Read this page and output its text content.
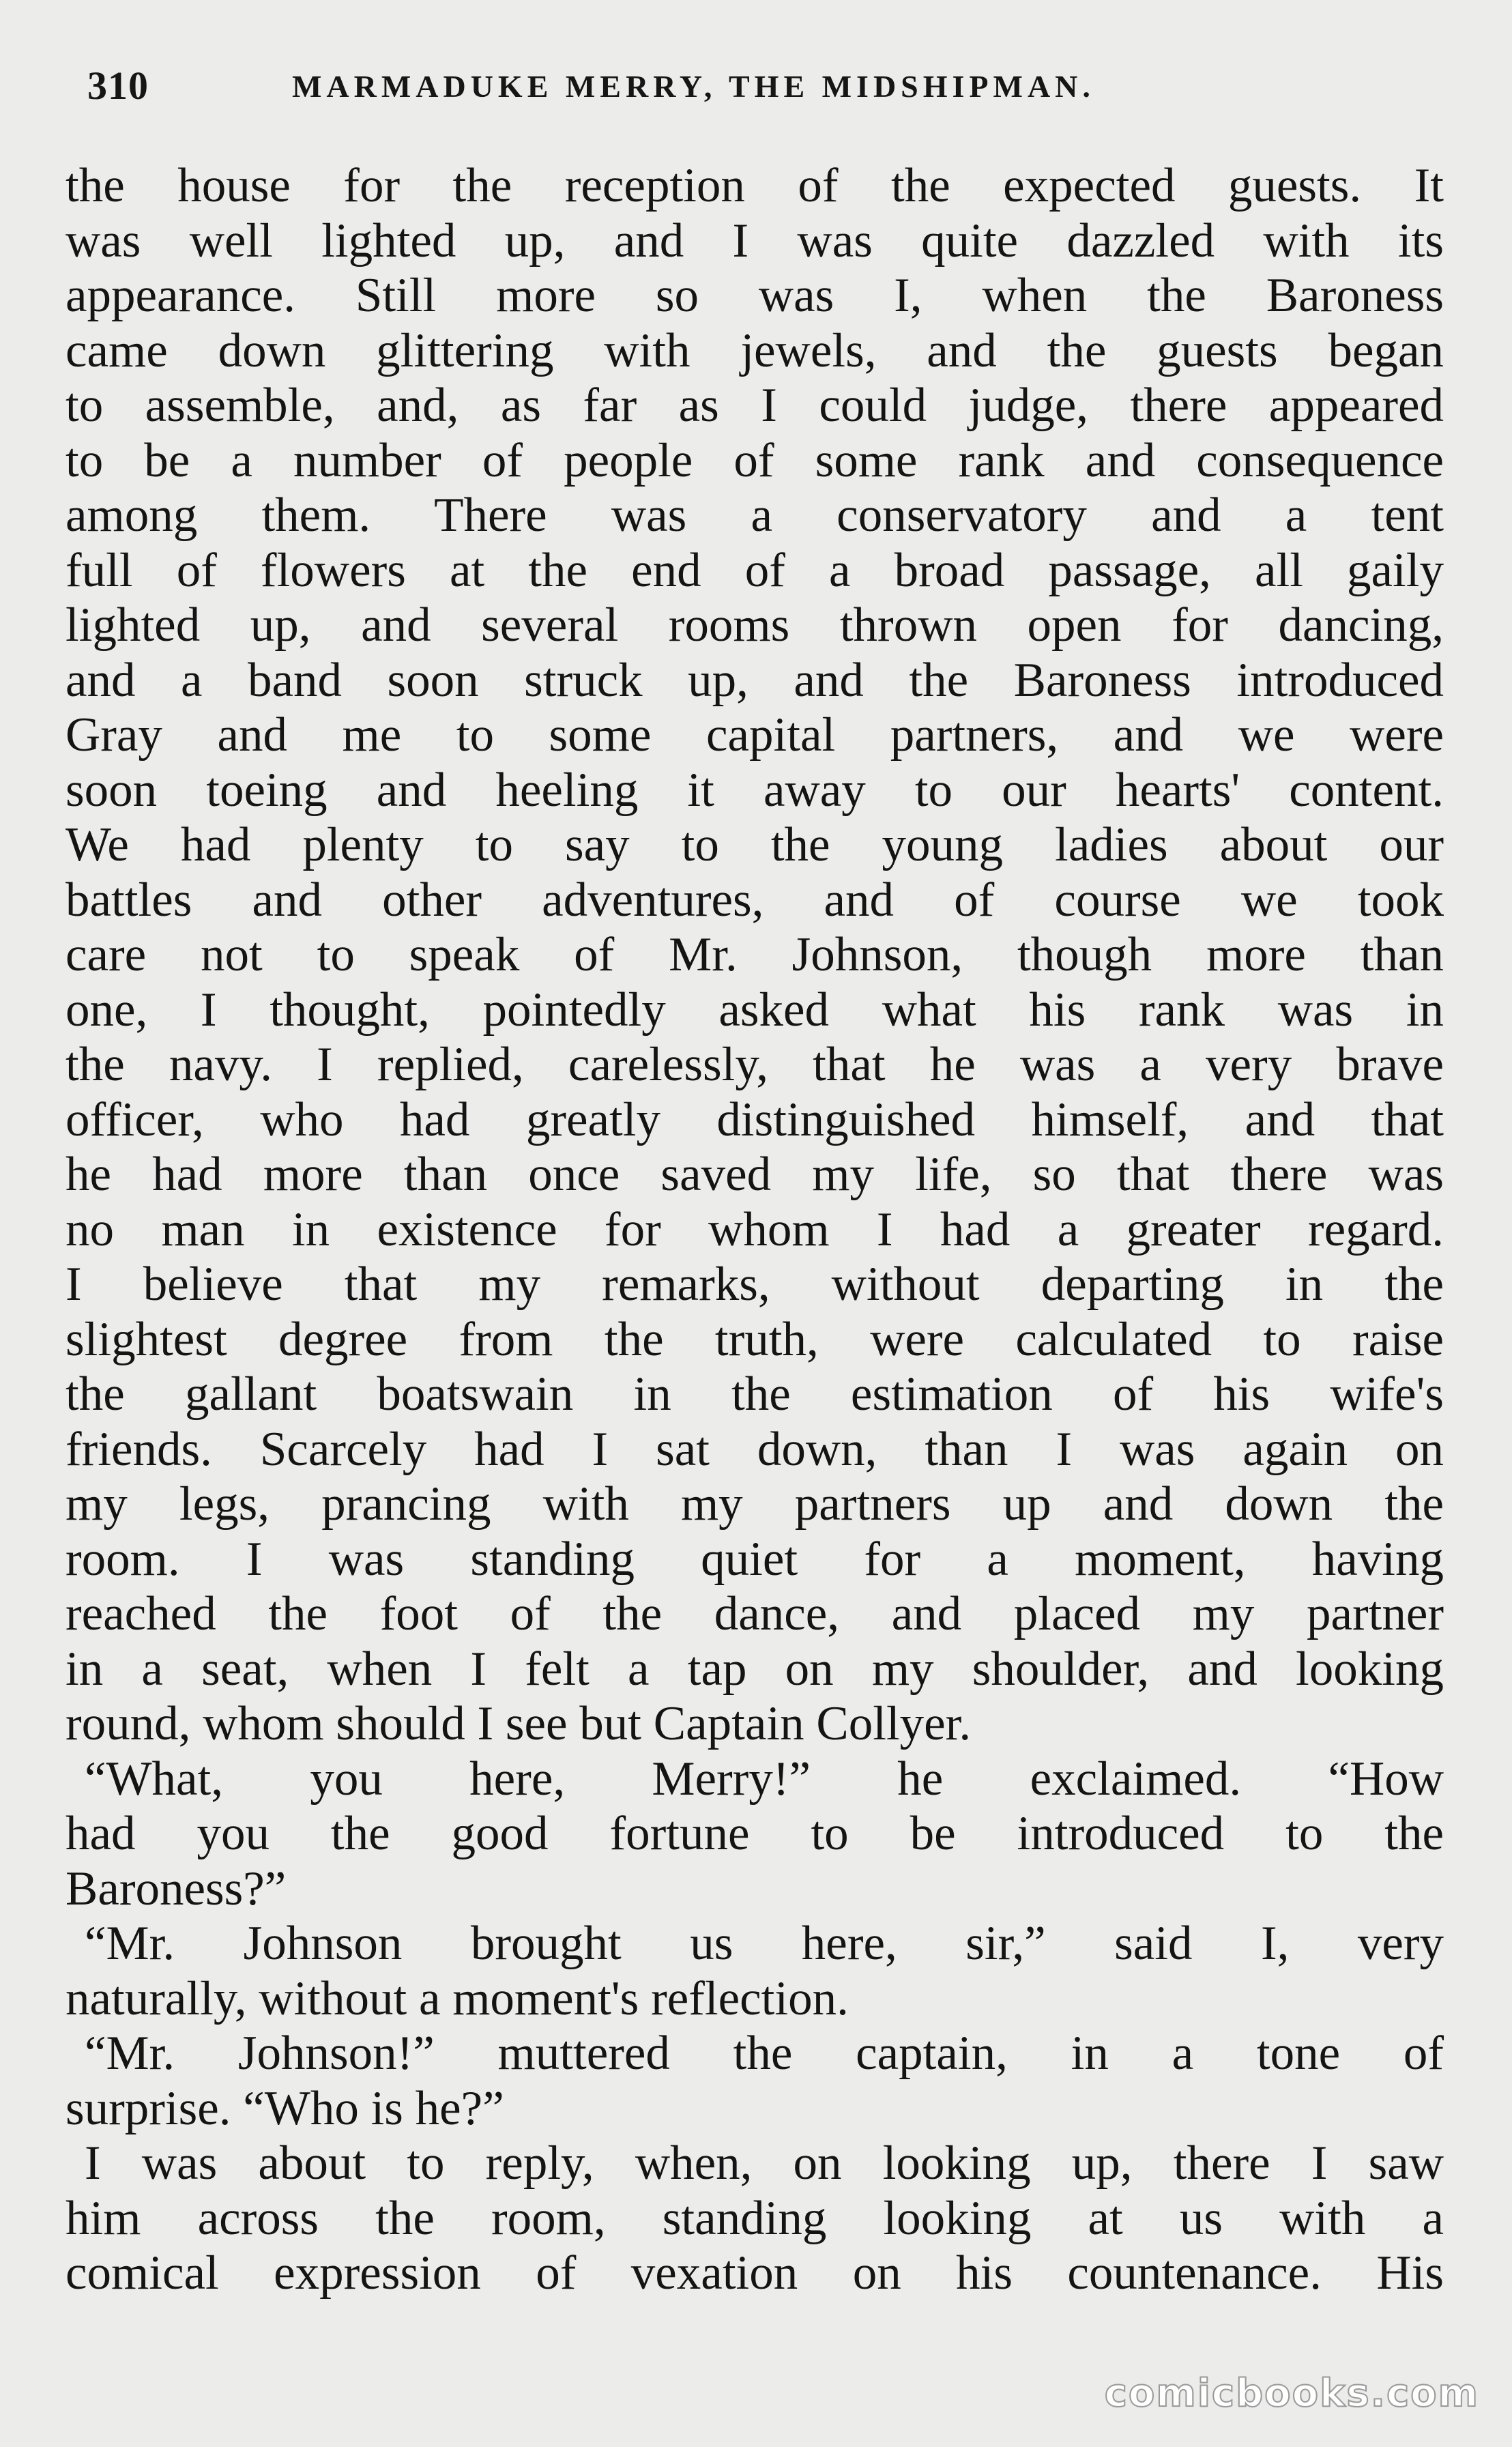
310	MARMADUKE MERRY, THE MIDSHIPMAN.
the house for the reception of the expected guests. It
was well lighted up, and I was quite dazzled with its
appearance. Still more so was I, when the Baroness
came down glittering with jewels, and the guests began
to assemble, and, as far as I could judge, there appeared
to be a number of people of some rank and consequence
among them. There was a conservatory and a tent
full of flowers at the end of a broad passage, all gaily
lighted up, and several rooms thrown open for dancing,
and a band soon struck up, and the Baroness introduced
Gray and me to some capital partners, and we were
soon toeing and heeling it away to our hearts' content.
We had plenty to say to the young ladies about our
battles and other adventures, and of course we took
care not to speak of Mr. Johnson, though more than
one, I thought, pointedly asked what his rank was in
the navy. I replied, carelessly, that he was a very brave
officer, who had greatly distinguished himself, and that
he had more than once saved my life, so that there was
no man in existence for whom I had a greater regard.
I believe that my remarks, without departing in the
slightest degree from the truth, were calculated to raise
the gallant boatswain in the estimation of his wife's
friends. Scarcely had I sat down, than I was again on
my legs, prancing with my partners up and down the
room. I was standing quiet for a moment, having
reached the foot of the dance, and placed my partner
in a seat, when I felt a tap on my shoulder, and looking
round, whom should I see but Captain Collyer.
“What, you here, Merry!” he exclaimed. “How
had you the good fortune to be introduced to the
Baroness?”
“Mr. Johnson brought us here, sir,” said I, very
naturally, without a moment's reflection.
“Mr. Johnson!” muttered the captain, in a tone of
surprise. “Who is he?”
I was about to reply, when, on looking up, there I saw
him across the room, standing looking at us with a
comical expression of vexation on his countenance. His
comicbooks.com
